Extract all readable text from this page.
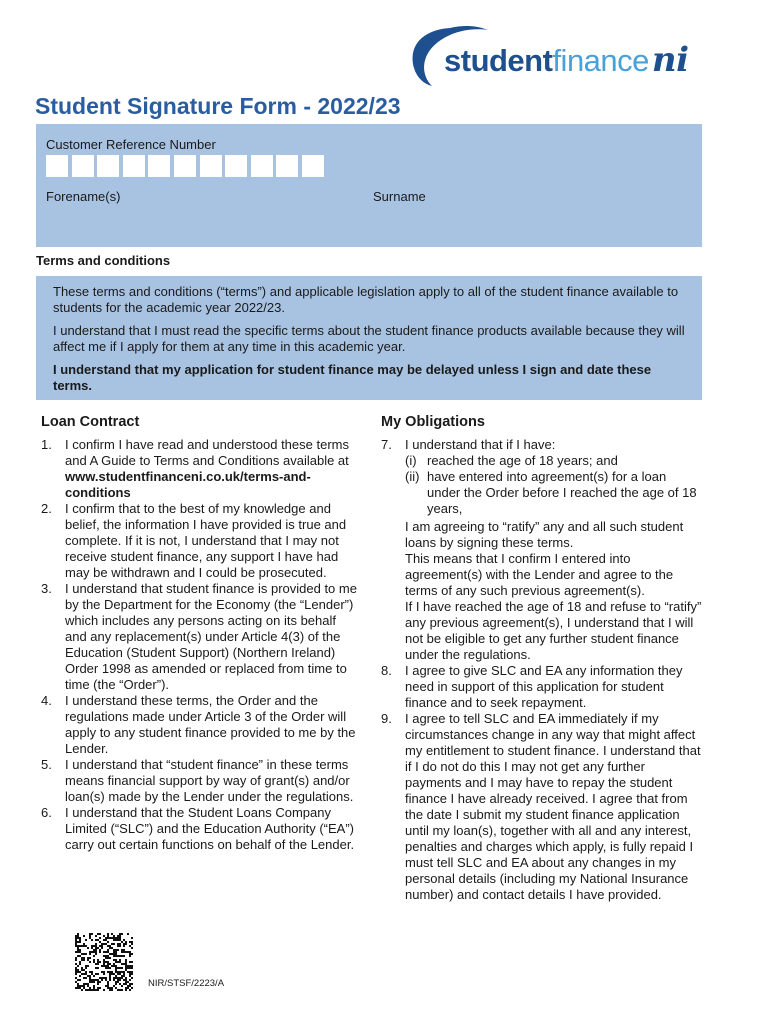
studentfinanceni
Student Signature Form - 2022/23
Customer Reference Number
Forename(s)	Surname
Terms and conditions

These terms and conditions (“terms”) and applicable legislation apply to all of the student finance available to students for the academic year 2022/23.

I understand that I must read the specific terms about the student finance products available because they will affect me if I apply for them at any time in this academic year.

I understand that my application for student finance may be delayed unless I sign and date these terms.

Loan Contract
1.	I confirm I have read and understood these terms and A Guide to Terms and Conditions available at
www.studentfinanceni.co.uk/terms-and-conditions
2.	I confirm that to the best of my knowledge and belief, the information I have provided is true and complete. If it is not, I understand that I may not receive student finance, any support I have had may be withdrawn and I could be prosecuted.
3.	I understand that student finance is provided to me by the Department for the Economy (the “Lender”) which includes any persons acting on its behalf and any replacement(s) under Article 4(3) of the Education (Student Support) (Northern Ireland) Order 1998 as amended or replaced from time to time (the “Order”).
4.	I understand these terms, the Order and the regulations made under Article 3 of the Order will apply to any student finance provided to me by the Lender.
5.	I understand that “student finance” in these terms means financial support by way of grant(s) and/or loan(s) made by the Lender under the regulations.
6.	I understand that the Student Loans Company Limited (“SLC”) and the Education Authority (“EA”) carry out certain functions on behalf of the Lender.
My Obligations
7.	I understand that if I have:
(i) reached the age of 18 years; and
(ii) have entered into agreement(s) for a loan under the Order before I reached the age of 18 years,
I am agreeing to “ratify” any and all such student loans by signing these terms.
This means that I confirm I entered into agreement(s) with the Lender and agree to the terms of any such previous agreement(s).
If I have reached the age of 18 and refuse to “ratify” any previous agreement(s), I understand that I will not be eligible to get any further student finance under the regulations.
8.	I agree to give SLC and EA any information they need in support of this application for student finance and to seek repayment.
9.	I agree to tell SLC and EA immediately if my circumstances change in any way that might affect my entitlement to student finance. I understand that if I do not do this I may not get any further payments and I may have to repay the student finance I have already received. I agree that from the date I submit my student finance application until my loan(s), together with all and any interest, penalties and charges which apply, is fully repaid I must tell SLC and EA about any changes in my personal details (including my National Insurance number) and contact details I have provided.
NIR/STSF/2223/A
